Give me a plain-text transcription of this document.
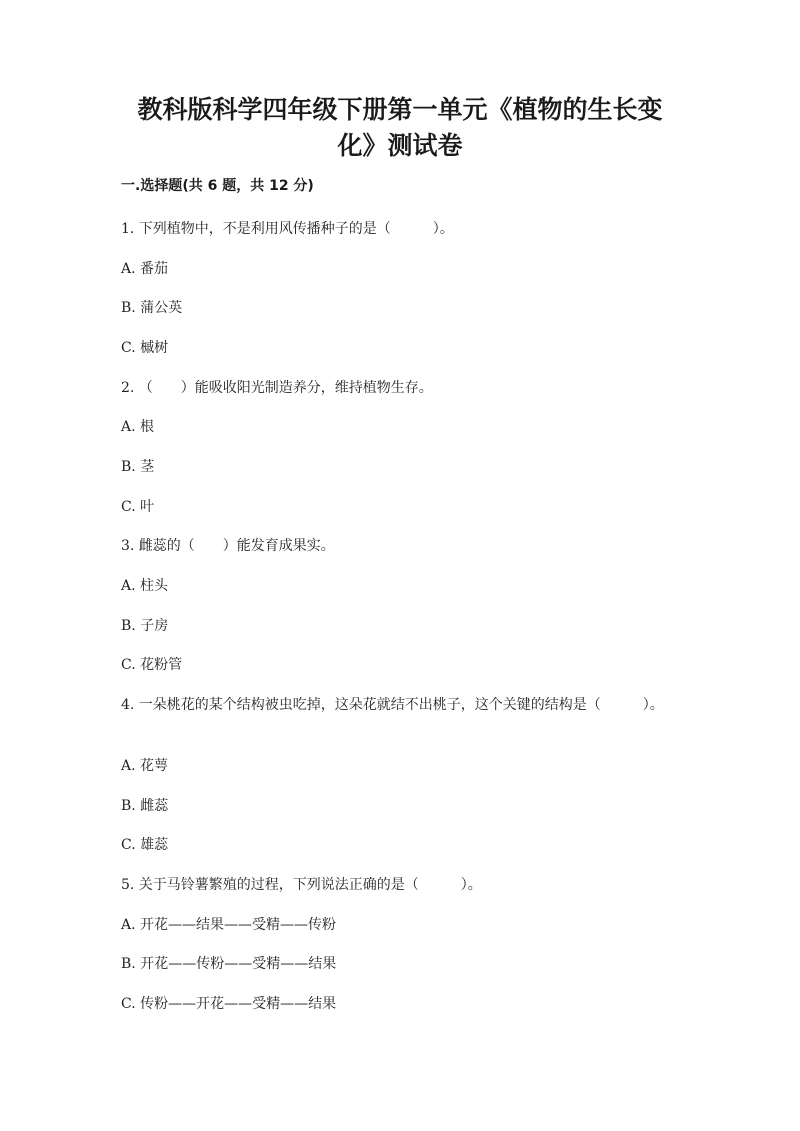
教科版科学四年级下册第一单元《植物的生长变
化》测试卷
一.选择题(共 6 题，共 12 分)
1. 下列植物中，不是利用风传播种子的是（　　　）。
A. 番茄
B. 蒲公英
C. 槭树
2. （　　）能吸收阳光制造养分，维持植物生存。
A. 根
B. 茎
C. 叶
3. 雌蕊的（　　）能发育成果实。
A. 柱头
B. 子房
C. 花粉管
4. 一朵桃花的某个结构被虫吃掉，这朵花就结不出桃子，这个关键的结构是（　　　）。
A. 花萼
B. 雌蕊
C. 雄蕊
5. 关于马铃薯繁殖的过程，下列说法正确的是（　　　）。
A. 开花——结果——受精——传粉
B. 开花——传粉——受精——结果
C. 传粉——开花——受精——结果
